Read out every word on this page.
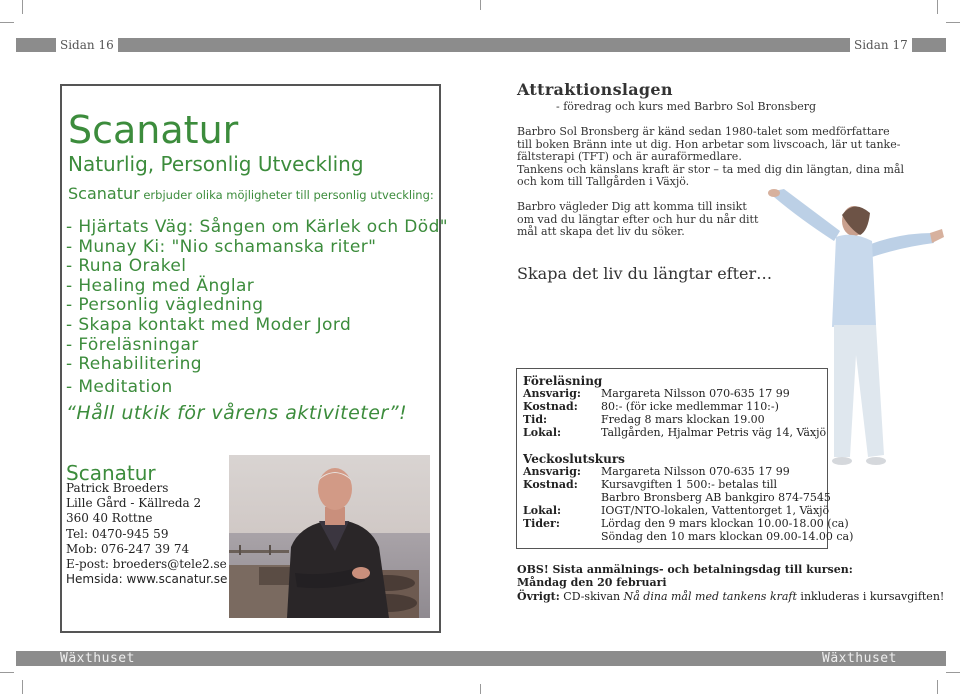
Sidan 16	Sidan 17
Wäxthuset	Wäxthuset
Scanatur
Naturlig, Personlig Utveckling
Scanatur erbjuder olika möjligheter till personlig utveckling:
- Hjärtats Väg: Sången om Kärlek och Död"
- Munay Ki: "Nio schamanska riter"
- Runa Orakel
- Healing med Änglar
- Personlig vägledning
- Skapa kontakt med Moder Jord
- Föreläsningar
- Rehabilitering
- Meditation
“Håll utkik för vårens aktiviteter”!
Scanatur
Patrick Broeders
Lille Gård - Källreda 2
360 40 Rottne
Tel: 0470-945 59
Mob: 076-247 39 74
E-post: broeders@tele2.se
Hemsida: www.scanatur.se
Attraktionslagen
- föredrag och kurs med Barbro Sol Bronsberg
Barbro Sol Bronsberg är känd sedan 1980-talet som medförfattare
till boken Bränn inte ut dig. Hon arbetar som livscoach, lär ut tanke-
fältsterapi (TFT) och är auraförmedlare.
Tankens och känslans kraft är stor – ta med dig din längtan, dina mål
och kom till Tallgården i Växjö.
Barbro vägleder Dig att komma till insikt
om vad du längtar efter och hur du når ditt
mål att skapa det liv du söker.
Skapa det liv du längtar efter…
Föreläsning
Ansvarig: Margareta Nilsson 070-635 17 99
Kostnad: 80:- (för icke medlemmar 110:-)
Tid:	Fredag 8 mars klockan 19.00
Lokal:	Tallgården, Hjalmar Petris väg 14, Växjö
Veckoslutskurs
Ansvarig: Margareta Nilsson 070-635 17 99
Kostnad: Kursavgiften 1 500:- betalas till
Barbro Bronsberg AB bankgiro 874-7545
Lokal:	IOGT/NTO-lokalen, Vattentorget 1, Växjö
Tider:	Lördag den 9 mars klockan 10.00-18.00 (ca)
Söndag den 10 mars klockan 09.00-14.00 ca)
OBS! Sista anmälnings- och betalningsdag till kursen:
Måndag den 20 februari
Övrigt: CD-skivan Nå dina mål med tankens kraft inkluderas i kursavgiften!
